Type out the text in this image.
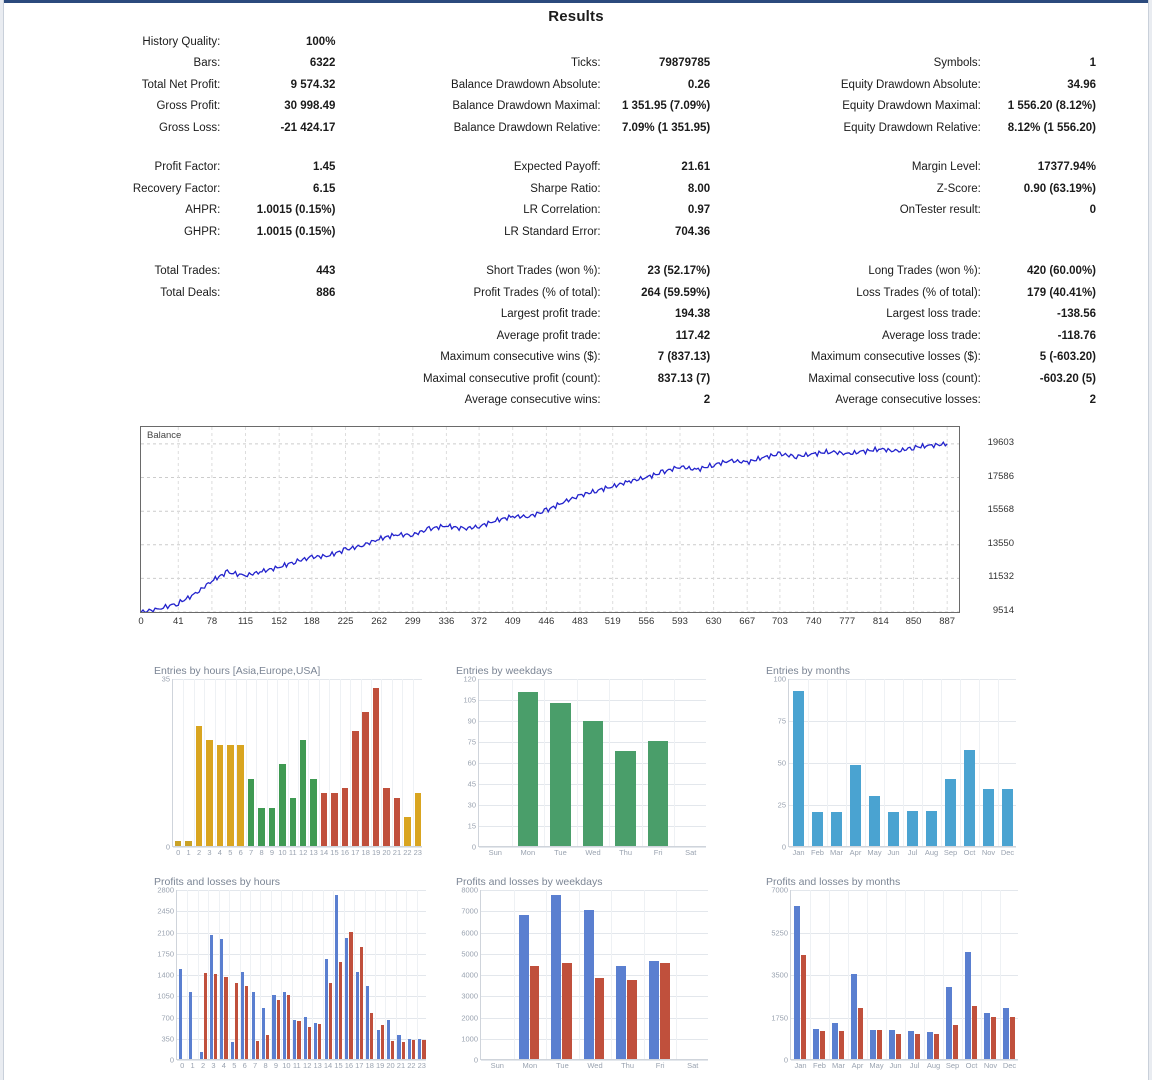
Results
History Quality:	100%						
Bars:	6322		Ticks:	79879785		Symbols:	1
Total Net Profit:	9 574.32		Balance Drawdown Absolute:	0.26		Equity Drawdown Absolute:	34.96
Gross Profit:	30 998.49		Balance Drawdown Maximal:	1 351.95 (7.09%)		Equity Drawdown Maximal:	1 556.20 (8.12%)
Gross Loss:	-21 424.17		Balance Drawdown Relative:	7.09% (1 351.95)		Equity Drawdown Relative:	8.12% (1 556.20)

Profit Factor:	1.45		Expected Payoff:	21.61		Margin Level:	17377.94%
Recovery Factor:	6.15		Sharpe Ratio:	8.00		Z-Score:	0.90 (63.19%)
AHPR:	1.0015 (0.15%)		LR Correlation:	0.97		OnTester result:	0
GHPR:	1.0015 (0.15%)		LR Standard Error:	704.36			

Total Trades:	443		Short Trades (won %):	23 (52.17%)		Long Trades (won %):	420 (60.00%)
Total Deals:	886		Profit Trades (% of total):	264 (59.59%)		Loss Trades (% of total):	179 (40.41%)
			Largest profit trade:	194.38		Largest loss trade:	-138.56
			Average profit trade:	117.42		Average loss trade:	-118.76
			Maximum consecutive wins ($):	7 (837.13)		Maximum consecutive losses ($):	5 (-603.20)
			Maximal consecutive profit (count):	837.13 (7)		Maximal consecutive loss (count):	-603.20 (5)
			Average consecutive wins:	2		Average consecutive losses:	2
Balance
9514
11532
13550
15568
17586
19603
0	41 78 115 152 188 225 262 299 336 372 409 446 483 519 556 593 630 667 703 740 777 814 850 887
Entries by hours [Asia,Europe,USA]
0
35
0 1 2 3 4 5 6 7 8 9 10 11 12 13 14 15 16 17 18 19 20 21 22 23
Entries by weekdays
0
15
30
45
60
75
90
105
120
Sun Mon	Tue Wed Thu	Fri	Sat
Entries by months
0
25
50
75
100
Jan Feb Mar Apr May Jun Jul Aug Sep Oct Nov Dec
Profits and losses by hours
0
350
700
1050
1400
1750
2100
2450
2800
0 1 2 3 4 5 6 7 8 9 10 11 12 13 14 15 16 17 18 19 20 21 22 23
Profits and losses by weekdays
0
1000
2000
3000
4000
5000
6000
7000
8000
Sun Mon	Tue Wed Thu	Fri	Sat
Profits and losses by months
0
1750
3500
5250
7000
Jan Feb Mar Apr May Jun Jul Aug Sep Oct Nov Dec
